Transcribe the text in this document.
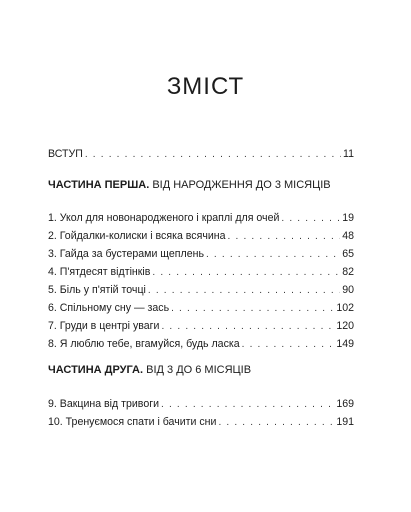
ЗМІСТ
ВСТУП . . .	11
ЧАСТИНА ПЕРША. ВІД НАРОДЖЕННЯ ДО 3 МІСЯЦІВ
1. Укол для новонародженого і краплі для очей . . .	19
2. Гойдалки-колиски і всяка всячина . . .	48
3. Гайда за бустерами щеплень . . .	65
4. П'ятдесят відтінків . . .	82
5. Біль у п'ятій точці . . .	90
6. Спільному сну — зась . . .	102
7. Груди в центрі уваги . . .	120
8. Я люблю тебе, вгамуйся, будь ласка . . .	149
ЧАСТИНА ДРУГА. ВІД 3 ДО 6 МІСЯЦІВ
9. Вакцина від тривоги . . .	169
10. Тренуємося спати і бачити сни . . .	191
